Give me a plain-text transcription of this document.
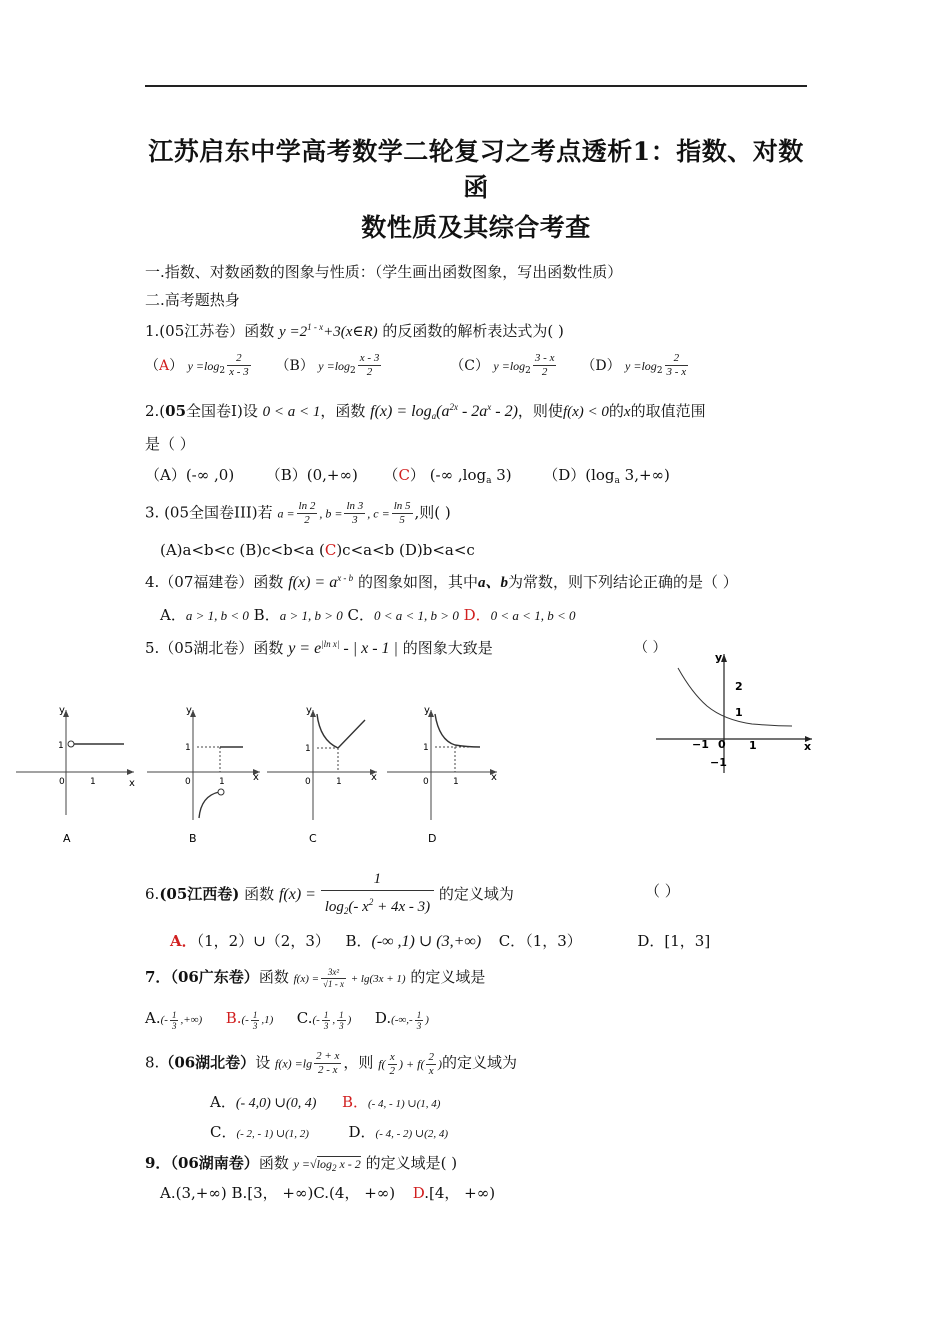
江苏启东中学高考数学二轮复习之考点透析1：指数、对数函
数性质及其综合考查
一.指数、对数函数的图象与性质：（学生画出函数图象，写出函数性质）
二.高考题热身
1.(05江苏卷）函数 $y =2^{1 - x}+3(x\in R)$ 的反函数的解析表达式为( )
（A） $y =\log_2 \frac{2}{x - 3} (B)$ $y =\log_2 \frac{x - 3}{2}$	（C） $y =\log_2 \frac{3 - x}{2} (D)$ $y =\log_2 \frac{2}{3 - x}$
2.(05全国卷Ⅰ)设 0 < a < 1，函数 $f(x) = \log_a(a^{2x} - 2a^x - 2)$，则使f(x) < 0的x的取值范围
是（ ）
（A）(-∞ ,0) （B）(0,+∞) （C） (-∞ $,\log_a$ 3) $(D)(\log_a$ 3,+∞)
3. (05全国卷III)若 $a = \frac{\ln 2}{2}$ , $b = \frac{\ln 3}{3}$ , $c = \frac{\ln 5}{5}$ ,则( )
(A)a<b<c (B)c<b<a (C)c<a<b (D)b<a<c
4.（07福建卷）函数 $f(x) = a^{x - b}$ 的图象如图，其中a、b为常数，则下列结论正确的是（ ）
A．a > 1, b < 0 B．a > 1, b > 0 C．0 < a < 1, b > 0 D．0 < a < 1, b < 0
5.（05湖北卷）函数 $y = e^{|ln x|}$ - | x - 1 | 的图象大致是	（ ）
y
x
2
1
−1 0 1
−1
y
x
1
0	1
A
y
x
1
0	1
B
y
x
1
0	1
C
y
x
1
0	1
D
6.(05江西卷) 函数 $f(x) = \frac{1}{\log_2(- x^2 + 4x - 3)}$ 的定义域为	（ ）
A．（1，2）∪（2，3） B．(-∞ ,1) ∪ (3,+∞) C．（1，3）	D．[1，3]
7．（06广东卷）函数 $f(x) = \frac{\text{3x²}}{√1 - x} + \lg(3x + 1)$ 的定义域是
$A.(- \frac{1}{3}$ ,+∞) $B.(- \frac{1}{3} ,1)$ $C.(- \frac{1}{3}$ , $\frac{1}{3}$ ) $D.(-\infty,- \frac{1}{3}$ )
8.（06湖北卷）设 $f(x) =\lg \frac{2 + x}{2 - x}$ ，则 $f( \frac{x}{2}$ ) + $f( \frac{2}{x}$ )的定义域为
A．(- 4,0) ∪(0, 4) B．(- 4, - 1) ∪(1, 4)
C．(- 2, - 1) ∪(1, 2)	D．(- 4, - 2) ∪(2, 4)
9．（06湖南卷）函数 $y =√\log_2$ x - 2 的定义域是( )
A.(3,+∞) B.[3， +∞)C.(4， +∞) D.[4， +∞)
